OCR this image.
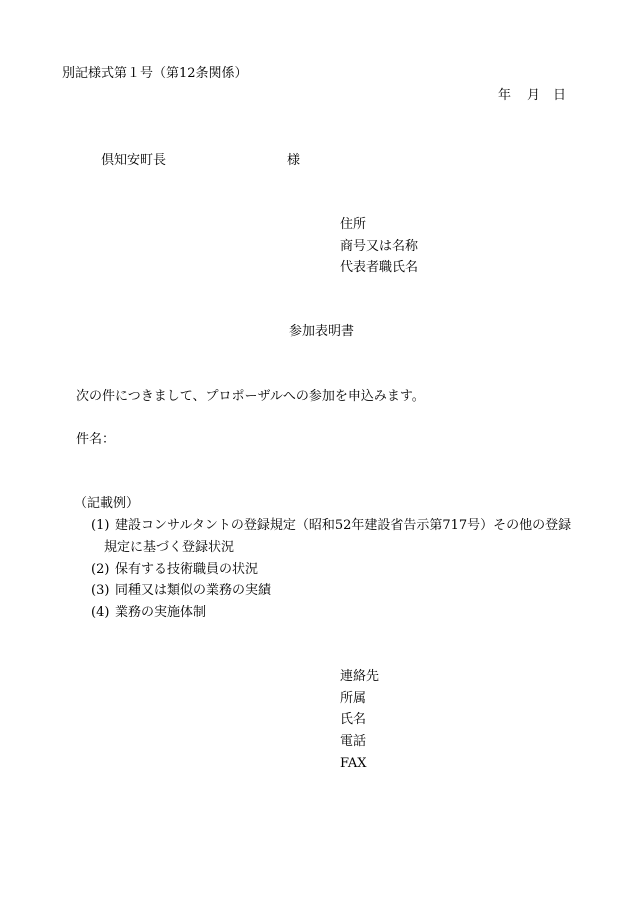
別記様式第１号（第12条関係）
年 月 日
倶知安町長	様
住所
商号又は名称
代表者職氏名
参加表明書
次の件につきまして、プロポーザルへの参加を申込みます。
件名：
（記載例）
(1) 建設コンサルタントの登録規定（昭和52年建設省告示第717号）その他の登録
規定に基づく登録状況
(2) 保有する技術職員の状況
(3) 同種又は類似の業務の実績
(4) 業務の実施体制
連絡先
所属
氏名
電話
FAX
